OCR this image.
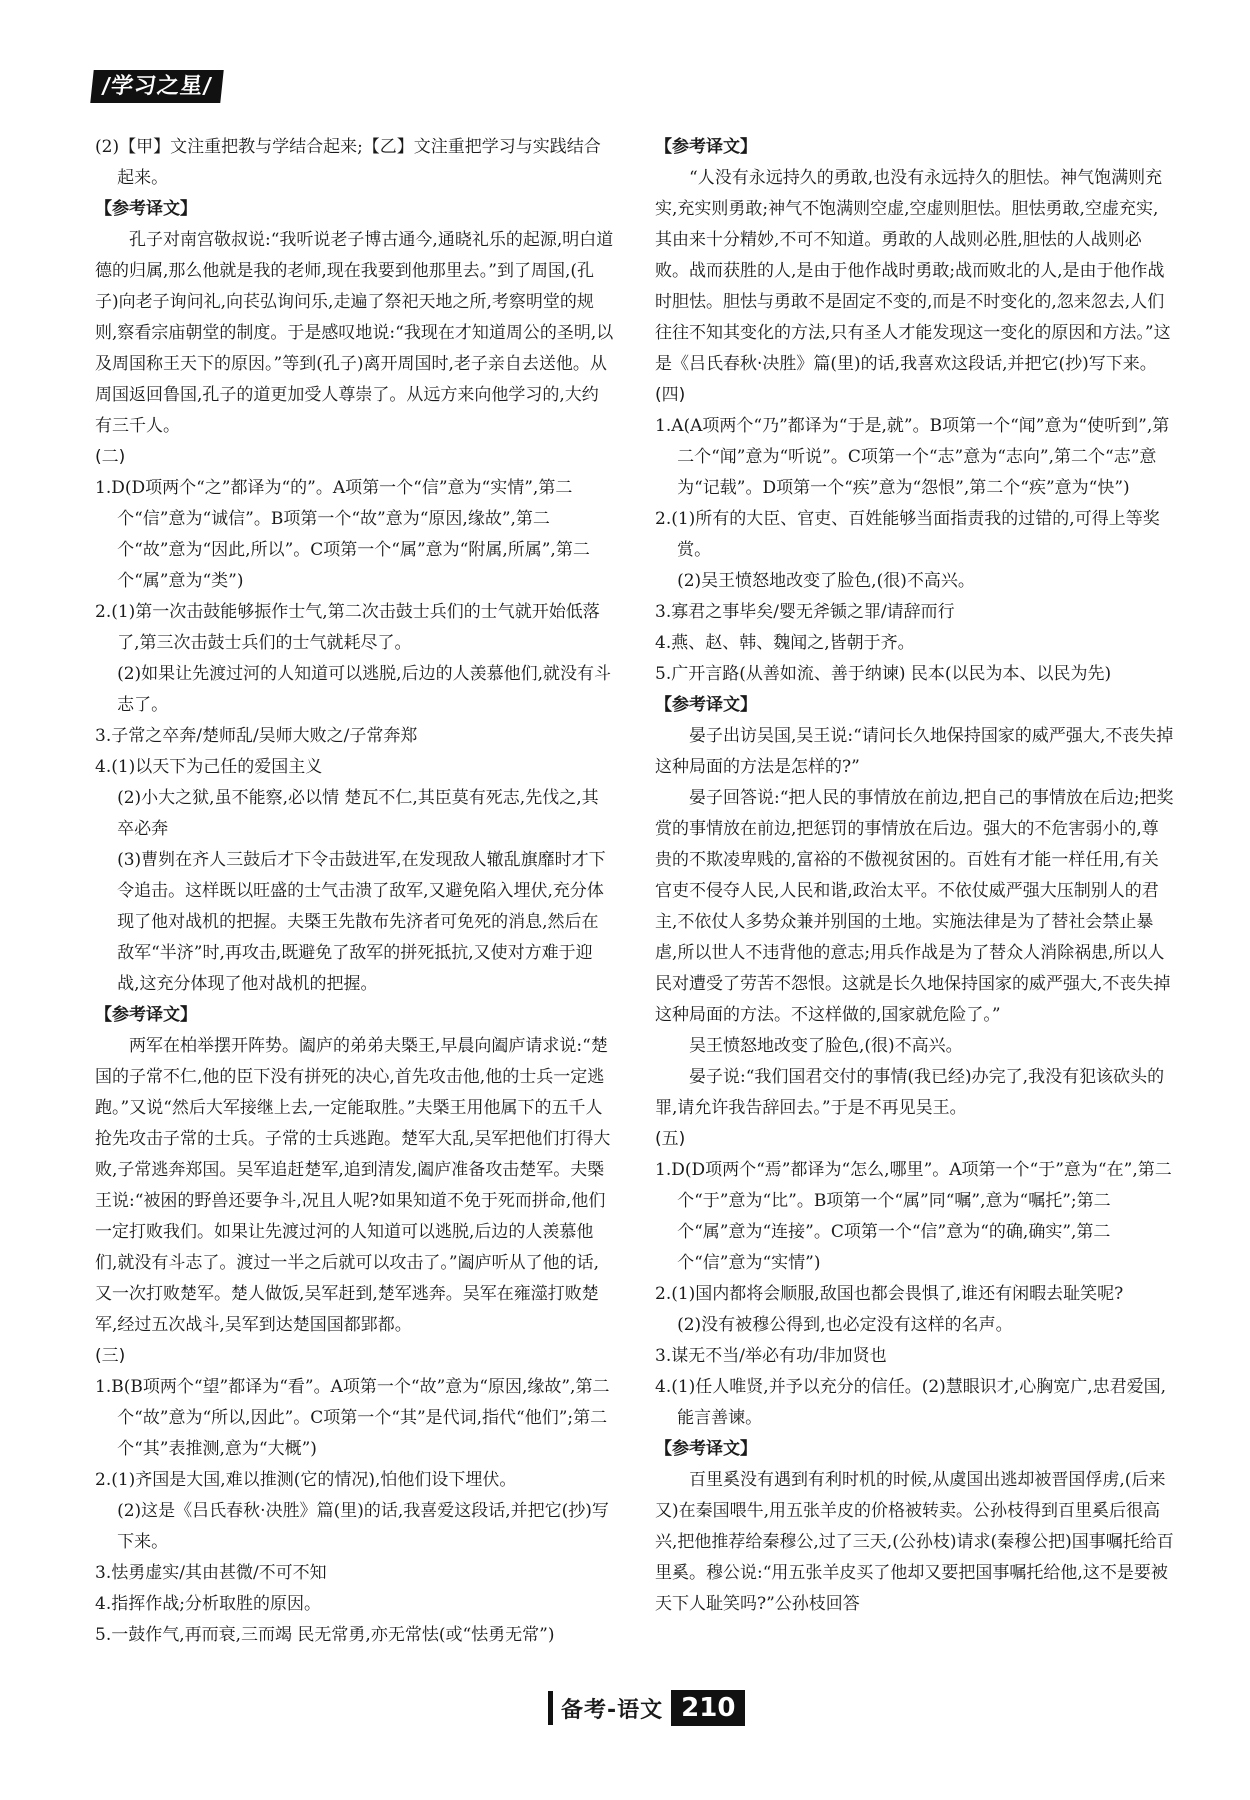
/学习之星/

(2)【甲】文注重把教与学结合起来;【乙】文注重把学习与实践结合起来。

【参考译文】

孔子对南宫敬叔说:“我听说老子博古通今,通晓礼乐的起源,明白道德的归属,那么他就是我的老师,现在我要到他那里去。”到了周国,(孔子)向老子询问礼,向苌弘询问乐,走遍了祭祀天地之所,考察明堂的规则,察看宗庙朝堂的制度。于是感叹地说:“我现在才知道周公的圣明,以及周国称王天下的原因。”等到(孔子)离开周国时,老子亲自去送他。从周国返回鲁国,孔子的道更加受人尊崇了。从远方来向他学习的,大约有三千人。

(二)

1.D(D项两个“之”都译为“的”。A项第一个“信”意为“实情”,第二个“信”意为“诚信”。B项第一个“故”意为“原因,缘故”,第二个“故”意为“因此,所以”。C项第一个“属”意为“附属,所属”,第二个“属”意为“类”)

2.(1)第一次击鼓能够振作士气,第二次击鼓士兵们的士气就开始低落了,第三次击鼓士兵们的士气就耗尽了。

(2)如果让先渡过河的人知道可以逃脱,后边的人羡慕他们,就没有斗志了。

3.子常之卒奔/楚师乱/吴师大败之/子常奔郑

4.(1)以天下为己任的爱国主义

(2)小大之狱,虽不能察,必以情 楚瓦不仁,其臣莫有死志,先伐之,其卒必奔

(3)曹刿在齐人三鼓后才下令击鼓进军,在发现敌人辙乱旗靡时才下令追击。这样既以旺盛的士气击溃了敌军,又避免陷入埋伏,充分体现了他对战机的把握。夫槩王先散布先济者可免死的消息,然后在敌军“半济”时,再攻击,既避免了敌军的拼死抵抗,又使对方难于迎战,这充分体现了他对战机的把握。

【参考译文】

两军在柏举摆开阵势。阖庐的弟弟夫槩王,早晨向阖庐请求说:“楚国的子常不仁,他的臣下没有拼死的决心,首先攻击他,他的士兵一定逃跑。”又说“然后大军接继上去,一定能取胜。”夫槩王用他属下的五千人抢先攻击子常的士兵。子常的士兵逃跑。楚军大乱,吴军把他们打得大败,子常逃奔郑国。吴军追赶楚军,追到清发,阖庐准备攻击楚军。夫槩王说:“被困的野兽还要争斗,况且人呢?如果知道不免于死而拼命,他们一定打败我们。如果让先渡过河的人知道可以逃脱,后边的人羡慕他们,就没有斗志了。渡过一半之后就可以攻击了。”阖庐听从了他的话,又一次打败楚军。楚人做饭,吴军赶到,楚军逃奔。吴军在雍澨打败楚军,经过五次战斗,吴军到达楚国国都郢都。

(三)

1.B(B项两个“望”都译为“看”。A项第一个“故”意为“原因,缘故”,第二个“故”意为“所以,因此”。C项第一个“其”是代词,指代“他们”;第二个“其”表推测,意为“大概”)

2.(1)齐国是大国,难以推测(它的情况),怕他们设下埋伏。

(2)这是《吕氏春秋·决胜》篇(里)的话,我喜爱这段话,并把它(抄)写下来。

3.怯勇虚实/其由甚微/不可不知

4.指挥作战;分析取胜的原因。

5.一鼓作气,再而衰,三而竭 民无常勇,亦无常怯(或“怯勇无常”)

【参考译文】

“人没有永远持久的勇敢,也没有永远持久的胆怯。神气饱满则充实,充实则勇敢;神气不饱满则空虚,空虚则胆怯。胆怯勇敢,空虚充实,其由来十分精妙,不可不知道。勇敢的人战则必胜,胆怯的人战则必败。战而获胜的人,是由于他作战时勇敢;战而败北的人,是由于他作战时胆怯。胆怯与勇敢不是固定不变的,而是不时变化的,忽来忽去,人们往往不知其变化的方法,只有圣人才能发现这一变化的原因和方法。”这是《吕氏春秋·决胜》篇(里)的话,我喜欢这段话,并把它(抄)写下来。

(四)

1.A(A项两个“乃”都译为“于是,就”。B项第一个“闻”意为“使听到”,第二个“闻”意为“听说”。C项第一个“志”意为“志向”,第二个“志”意为“记载”。D项第一个“疾”意为“怨恨”,第二个“疾”意为“快”)

2.(1)所有的大臣、官吏、百姓能够当面指责我的过错的,可得上等奖赏。

(2)吴王愤怒地改变了脸色,(很)不高兴。

3.寡君之事毕矣/婴无斧锧之罪/请辞而行

4.燕、赵、韩、魏闻之,皆朝于齐。

5.广开言路(从善如流、善于纳谏) 民本(以民为本、以民为先)

【参考译文】

晏子出访吴国,吴王说:“请问长久地保持国家的威严强大,不丧失掉这种局面的方法是怎样的?”

晏子回答说:“把人民的事情放在前边,把自己的事情放在后边;把奖赏的事情放在前边,把惩罚的事情放在后边。强大的不危害弱小的,尊贵的不欺凌卑贱的,富裕的不傲视贫困的。百姓有才能一样任用,有关官吏不侵夺人民,人民和谐,政治太平。不依仗威严强大压制别人的君主,不依仗人多势众兼并别国的土地。实施法律是为了替社会禁止暴虐,所以世人不违背他的意志;用兵作战是为了替众人消除祸患,所以人民对遭受了劳苦不怨恨。这就是长久地保持国家的威严强大,不丧失掉这种局面的方法。不这样做的,国家就危险了。”

吴王愤怒地改变了脸色,(很)不高兴。

晏子说:“我们国君交付的事情(我已经)办完了,我没有犯该砍头的罪,请允许我告辞回去。”于是不再见吴王。

(五)

1.D(D项两个“焉”都译为“怎么,哪里”。A项第一个“于”意为“在”,第二个“于”意为“比”。B项第一个“属”同“嘱”,意为“嘱托”;第二个“属”意为“连接”。C项第一个“信”意为“的确,确实”,第二个“信”意为“实情”)

2.(1)国内都将会顺服,敌国也都会畏惧了,谁还有闲暇去耻笑呢?

(2)没有被穆公得到,也必定没有这样的名声。

3.谋无不当/举必有功/非加贤也

4.(1)任人唯贤,并予以充分的信任。(2)慧眼识才,心胸宽广,忠君爱国,能言善谏。

【参考译文】

百里奚没有遇到有利时机的时候,从虞国出逃却被晋国俘虏,(后来又)在秦国喂牛,用五张羊皮的价格被转卖。公孙枝得到百里奚后很高兴,把他推荐给秦穆公,过了三天,(公孙枝)请求(秦穆公把)国事嘱托给百里奚。穆公说:“用五张羊皮买了他却又要把国事嘱托给他,这不是要被天下人耻笑吗?”公孙枝回答

备考-语文 210
